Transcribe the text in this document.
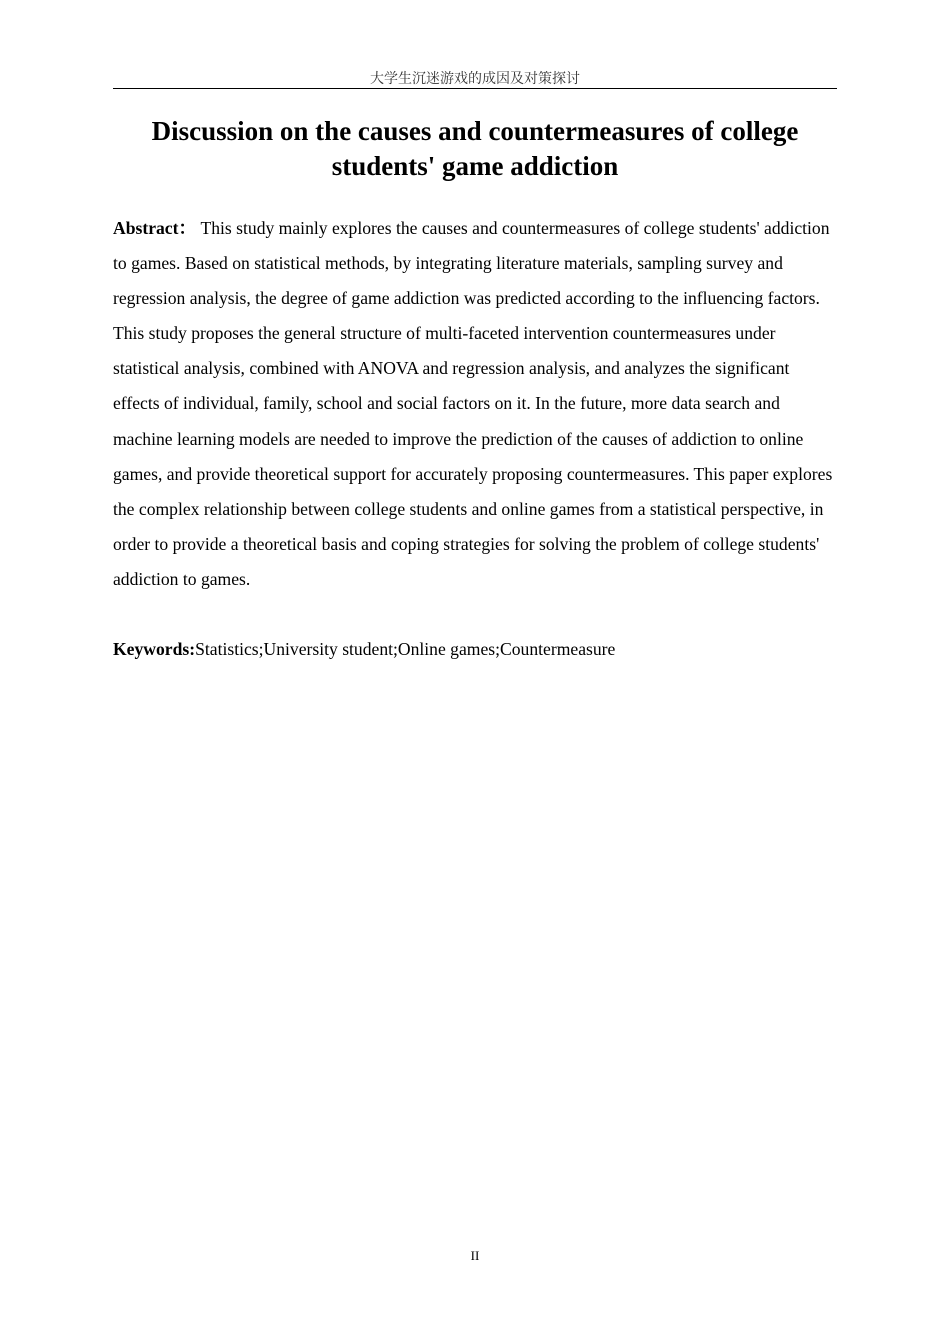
大学生沉迷游戏的成因及对策探讨
Discussion on the causes and countermeasures of college students' game addiction

Abstract： This study mainly explores the causes and countermeasures of college students' addiction to games. Based on statistical methods, by integrating literature materials, sampling survey and regression analysis, the degree of game addiction was predicted according to the influencing factors. This study proposes the general structure of multi-faceted intervention countermeasures under statistical analysis, combined with ANOVA and regression analysis, and analyzes the significant effects of individual, family, school and social factors on it. In the future, more data search and machine learning models are needed to improve the prediction of the causes of addiction to online games, and provide theoretical support for accurately proposing countermeasures. This paper explores the complex relationship between college students and online games from a statistical perspective, in order to provide a theoretical basis and coping strategies for solving the problem of college students' addiction to games.

Keywords:Statistics;University student;Online games;Countermeasure

II
